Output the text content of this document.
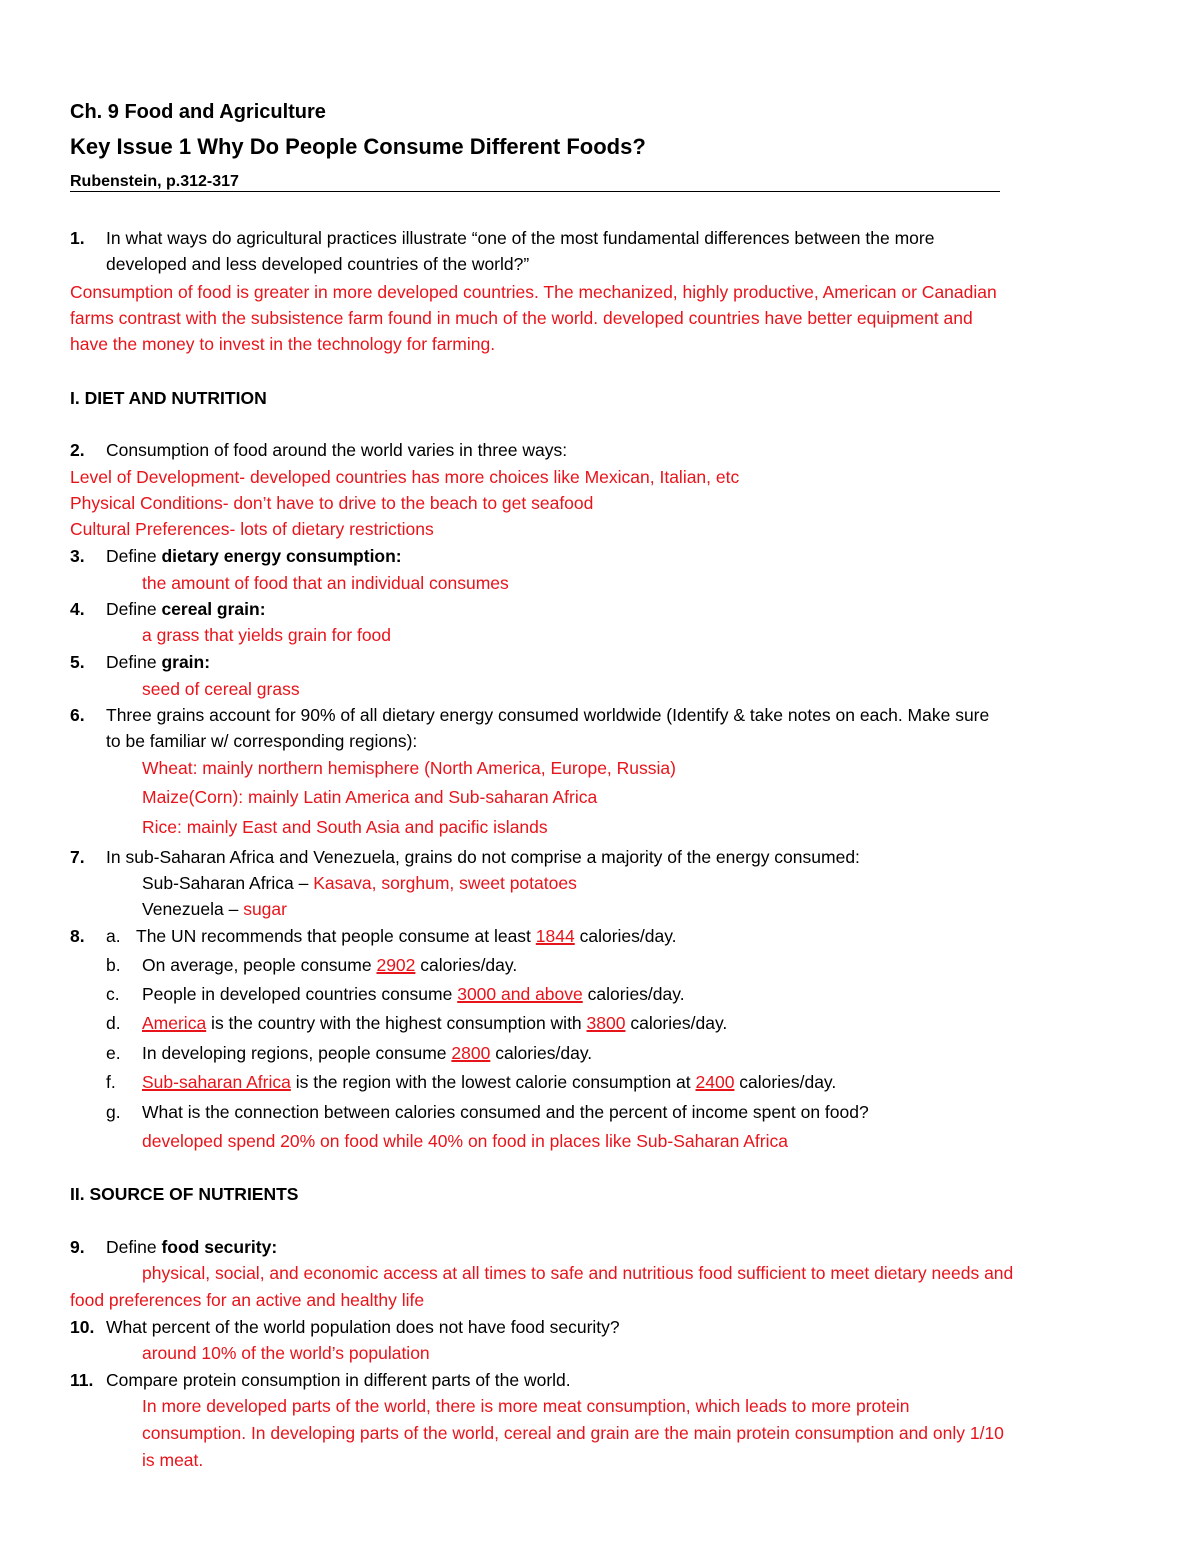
Ch. 9 Food and Agriculture
Key Issue 1 Why Do People Consume Different Foods?
Rubenstein, p.312-317
1. In what ways do agricultural practices illustrate “one of the most fundamental differences between the more
developed and less developed countries of the world?”
Consumption of food is greater in more developed countries. The mechanized, highly productive, American or Canadian
farms contrast with the subsistence farm found in much of the world. developed countries have better equipment and
have the money to invest in the technology for farming.
I. DIET AND NUTRITION
2. Consumption of food around the world varies in three ways:
Level of Development- developed countries has more choices like Mexican, Italian, etc
Physical Conditions- don’t have to drive to the beach to get seafood
Cultural Preferences- lots of dietary restrictions
3. Define dietary energy consumption:
the amount of food that an individual consumes
4. Define cereal grain:
a grass that yields grain for food
5. Define grain:
seed of cereal grass
6. Three grains account for 90% of all dietary energy consumed worldwide (Identify & take notes on each. Make sure
to be familiar w/ corresponding regions):
Wheat: mainly northern hemisphere (North America, Europe, Russia)
Maize(Corn): mainly Latin America and Sub-saharan Africa
Rice: mainly East and South Asia and pacific islands
7. In sub-Saharan Africa and Venezuela, grains do not comprise a majority of the energy consumed:
Sub-Saharan Africa – Kasava, sorghum, sweet potatoes
Venezuela – sugar
8. a. The UN recommends that people consume at least 1844 calories/day.
b. On average, people consume 2902 calories/day.
c. People in developed countries consume 3000 and above calories/day.
d. America is the country with the highest consumption with 3800 calories/day.
e. In developing regions, people consume 2800 calories/day.
f. Sub-saharan Africa is the region with the lowest calorie consumption at 2400 calories/day.
g. What is the connection between calories consumed and the percent of income spent on food?
developed spend 20% on food while 40% on food in places like Sub-Saharan Africa
II. SOURCE OF NUTRIENTS
9. Define food security:
physical, social, and economic access at all times to safe and nutritious food sufficient to meet dietary needs and
food preferences for an active and healthy life
10. What percent of the world population does not have food security?
around 10% of the world’s population
11. Compare protein consumption in different parts of the world.
In more developed parts of the world, there is more meat consumption, which leads to more protein
consumption. In developing parts of the world, cereal and grain are the main protein consumption and only 1/10
is meat.
